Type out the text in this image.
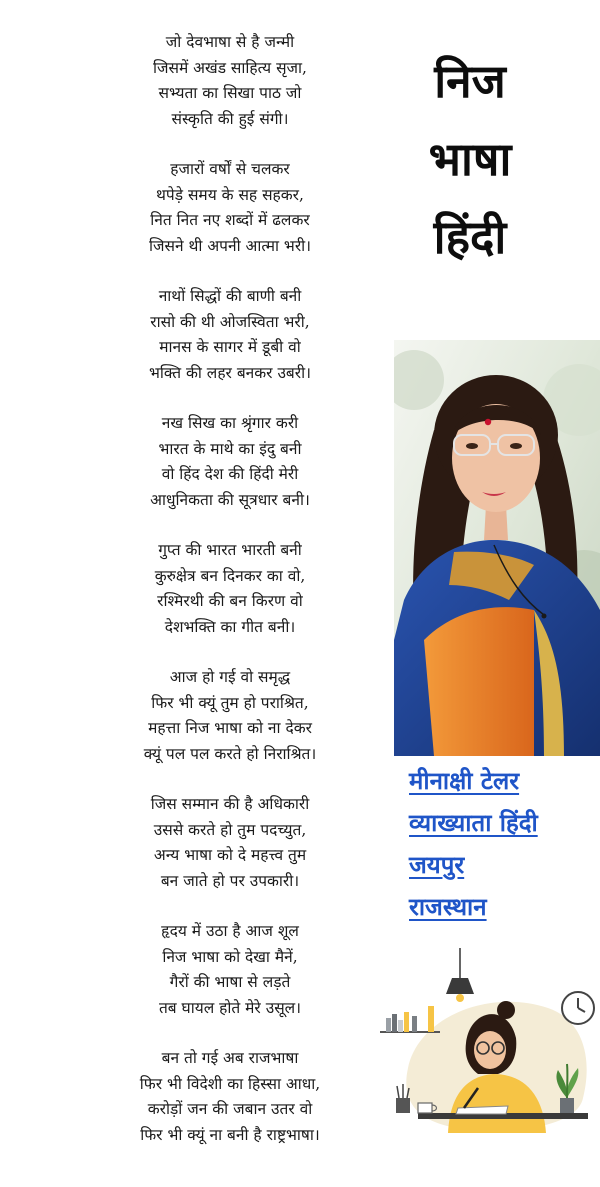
जो देवभाषा से है जन्मी
जिसमें अखंड साहित्य सृजा,
सभ्यता का सिखा पाठ जो
संस्कृति की हुई संगी।

हजारों वर्षों से चलकर
थपेड़े समय के सह सहकर,
नित नित नए शब्दों में ढलकर
जिसने थी अपनी आत्मा भरी।

नाथों सिद्धों की बाणी बनी
रासो की थी ओजस्विता भरी,
मानस के सागर में डूबी वो
भक्ति की लहर बनकर उबरी।

नख सिख का श्रृंगार करी
भारत के माथे का इंदु बनी
वो हिंद देश की हिंदी मेरी
आधुनिकता की सूत्रधार बनी।

गुप्त की भारत भारती बनी
कुरुक्षेत्र बन दिनकर का वो,
रश्मिरथी की बन किरण वो
देशभक्ति का गीत बनी।

आज हो गई वो समृद्ध
फिर भी क्यूं तुम हो पराश्रित,
महत्ता निज भाषा को ना देकर
क्यूं पल पल करते हो निराश्रित।

जिस सम्मान की है अधिकारी
उससे करते हो तुम पदच्युत,
अन्य भाषा को दे महत्त्व तुम
बन जाते हो पर उपकारी।

हृदय में उठा है आज शूल
निज भाषा को देखा मैनें,
गैरों की भाषा से लड़ते
तब घायल होते मेरे उसूल।

बन तो गई अब राजभाषा
फिर भी विदेशी का हिस्सा आधा,
करोड़ों जन की जबान उतर वो
फिर भी क्यूं ना बनी है राष्ट्रभाषा।

निज
भाषा
हिंदी
मीनाक्षी टेलर
व्याख्याता हिंदी
जयपुर
राजस्थान
